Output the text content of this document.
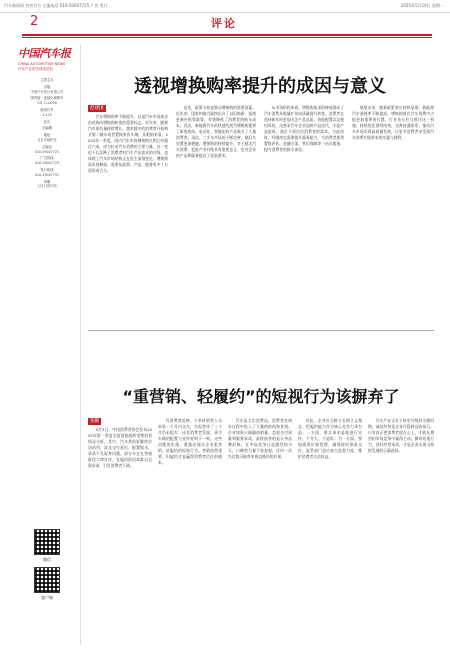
汽车新闻网 抖音官方 主编电话 010-59007725 广告 发行	2025年5月10日 星期一
2	评论
中国汽车报
CHINA AUTOMOTIVE NEWS
汽车产业的全球话语权
主管主办
出版
中国汽车报社有限公司
国内统一连续出版物号
CN 11-0058
邮发代号
1-125
社长
总编辑
地址
北京市朝阳区
总编室
010-59007725
广告热线
010-59007729
发行热线
010-59007731
印刷
人民日报印务
微信
客户端
透视增换购率提升的成因与意义
赵建国

汽车增换购率不断提升，这是汽车市场逐步由首购向增换购转变的重要标志。近年来，随着汽车保有量持续增长，越来越多的消费者开始购买第二辆车或者置换原有车辆。从数据来看，2025年一季度，国内汽车市场增换购比例已经超过六成，成为拉动汽车消费的主要力量。这一变化不仅反映了消费者对汽车产品需求的升级，也体现了汽车市场结构正在发生深刻变化。增换购需求的释放，需要从政策、产品、服务等多个方面形成合力。

首先，政策支持是推动增换购的重要因素。近年来，国家和地方陆续出台了以旧换新、报废更新补贴等政策，有效降低了消费者的换车成本。其次，新能源汽车的快速发展为增换购提供了新的选择，电动化、智能化的产品吸引了大量消费者。再次，二手车市场的不断完善，使旧车处置更加便捷。增换购的持续提升，对于稳定汽车消费、促进产业升级具有重要意义，也对企业的产品和服务提出了更高要求。

从市场结构来看，增换购需求的释放推动了汽车消费从数量扩张向质量提升转变。消费者在选择新车时更加关注产品品质、智能配置以及使用体验。这要求汽车企业加快产品迭代，丰富产品矩阵，满足不同层次消费者的需求。与此同时，经销商也需要提升服务能力，为消费者提供置换评估、金融方案、售后保障等一站式服务，提升消费者的换车体验。

展望未来，随着政策效应持续显现、新能源汽车渗透率不断提高，增换购将在汽车消费中占据更加重要的位置。行业各方应当抓住这一机遇，持续优化供给结构，完善流通体系，推动汽车市场实现高质量发展，让更多消费者享受到汽车消费升级带来的实惠与便利。

“重营销、轻履约”的短视行为该摒弃了
张鹏

5月3日，中国消费者协会发布2025年第一季度全国消协组织受理投诉情况分析。其中，汽车类投诉继续位居前列，涉及交付延迟、配置缩水、承诺不兑现等问题。部分车企在营销阶段大肆宣传，在履约阶段却难以兑现承诺，引发消费者不满。

有消费者反映，下单时销售人员承诺一个月内交车，实际等待了三个月仍未提车；还有消费者发现，到手车辆的配置与宣传材料不一致。这些问题的出现，暴露出部分企业重营销、轻履约的短视行为。营销固然重要，但履约才是赢得消费者信任的根本。

汽车是大宗消费品，消费者在购车过程中投入了大量的时间和金钱。企业如果只顾眼前销量，忽视交付质量和服务承诺，最终损害的是自身品牌形象。在市场竞争日益激烈的今天，口碑的力量不容忽视，任何一次失信都可能带来难以挽回的后果。

对此，企业应当树立长期主义理念，把履约能力作为核心竞争力来打造。一方面，要实事求是地进行宣传，不夸大、不虚标；另一方面，要加强供应链管理，确保按时保质交付。监管部门也应加大监督力度，维护消费者合法权益。

汽车产业正处于转型升级的关键时期，诚信经营是企业行稳致远的基石。只有真正把消费者放在心上，才能在激烈的市场竞争中赢得主动。摒弃短视行为，回归经营本质，才是企业实现可持续发展的正确选择。
